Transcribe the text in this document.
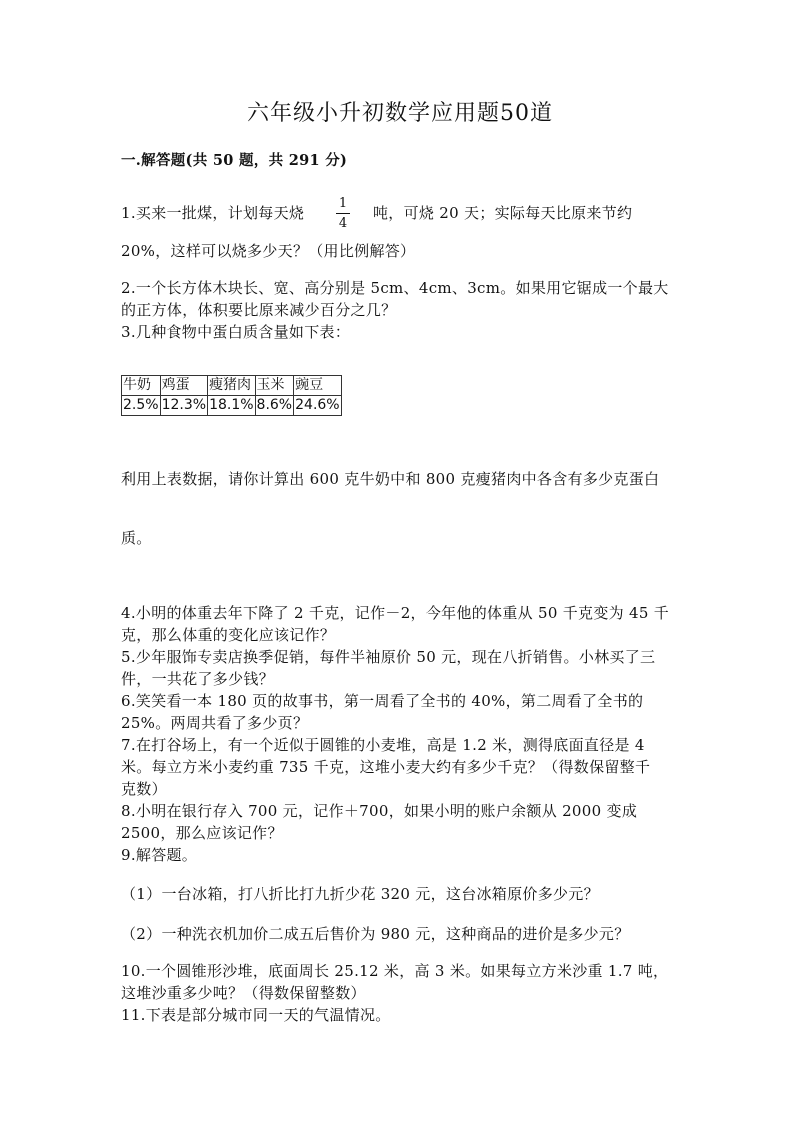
六年级小升初数学应用题50道
一.解答题(共 50 题，共 291 分)
1.买来一批煤，计划每天烧
1
4
吨，可烧 20 天；实际每天比原来节约
20%，这样可以烧多少天？（用比例解答）
2.一个长方体木块长、宽、高分别是 5cm、4cm、3cm。如果用它锯成一个最大
的正方体，体积要比原来减少百分之几？
3.几种食物中蛋白质含量如下表：
牛奶	鸡蛋	瘦猪肉	玉米	豌豆
2.5%	12.3%	18.1%	8.6%	24.6%
利用上表数据，请你计算出 600 克牛奶中和 800 克瘦猪肉中各含有多少克蛋白
质。
4.小明的体重去年下降了 2 千克，记作－2，今年他的体重从 50 千克变为 45 千
克，那么体重的变化应该记作？
5.少年服饰专卖店换季促销，每件半袖原价 50 元，现在八折销售。小林买了三
件，一共花了多少钱？
6.笑笑看一本 180 页的故事书，第一周看了全书的 40%，第二周看了全书的
25%。两周共看了多少页？
7.在打谷场上，有一个近似于圆锥的小麦堆，高是 1.2 米，测得底面直径是 4
米。每立方米小麦约重 735 千克，这堆小麦大约有多少千克？（得数保留整千
克数）
8.小明在银行存入 700 元，记作＋700，如果小明的账户余额从 2000 变成
2500，那么应该记作？
9.解答题。
（1）一台冰箱，打八折比打九折少花 320 元，这台冰箱原价多少元？
（2）一种洗衣机加价二成五后售价为 980 元，这种商品的进价是多少元？
10.一个圆锥形沙堆，底面周长 25.12 米，高 3 米。如果每立方米沙重 1.7 吨，
这堆沙重多少吨？（得数保留整数）
11.下表是部分城市同一天的气温情况。
